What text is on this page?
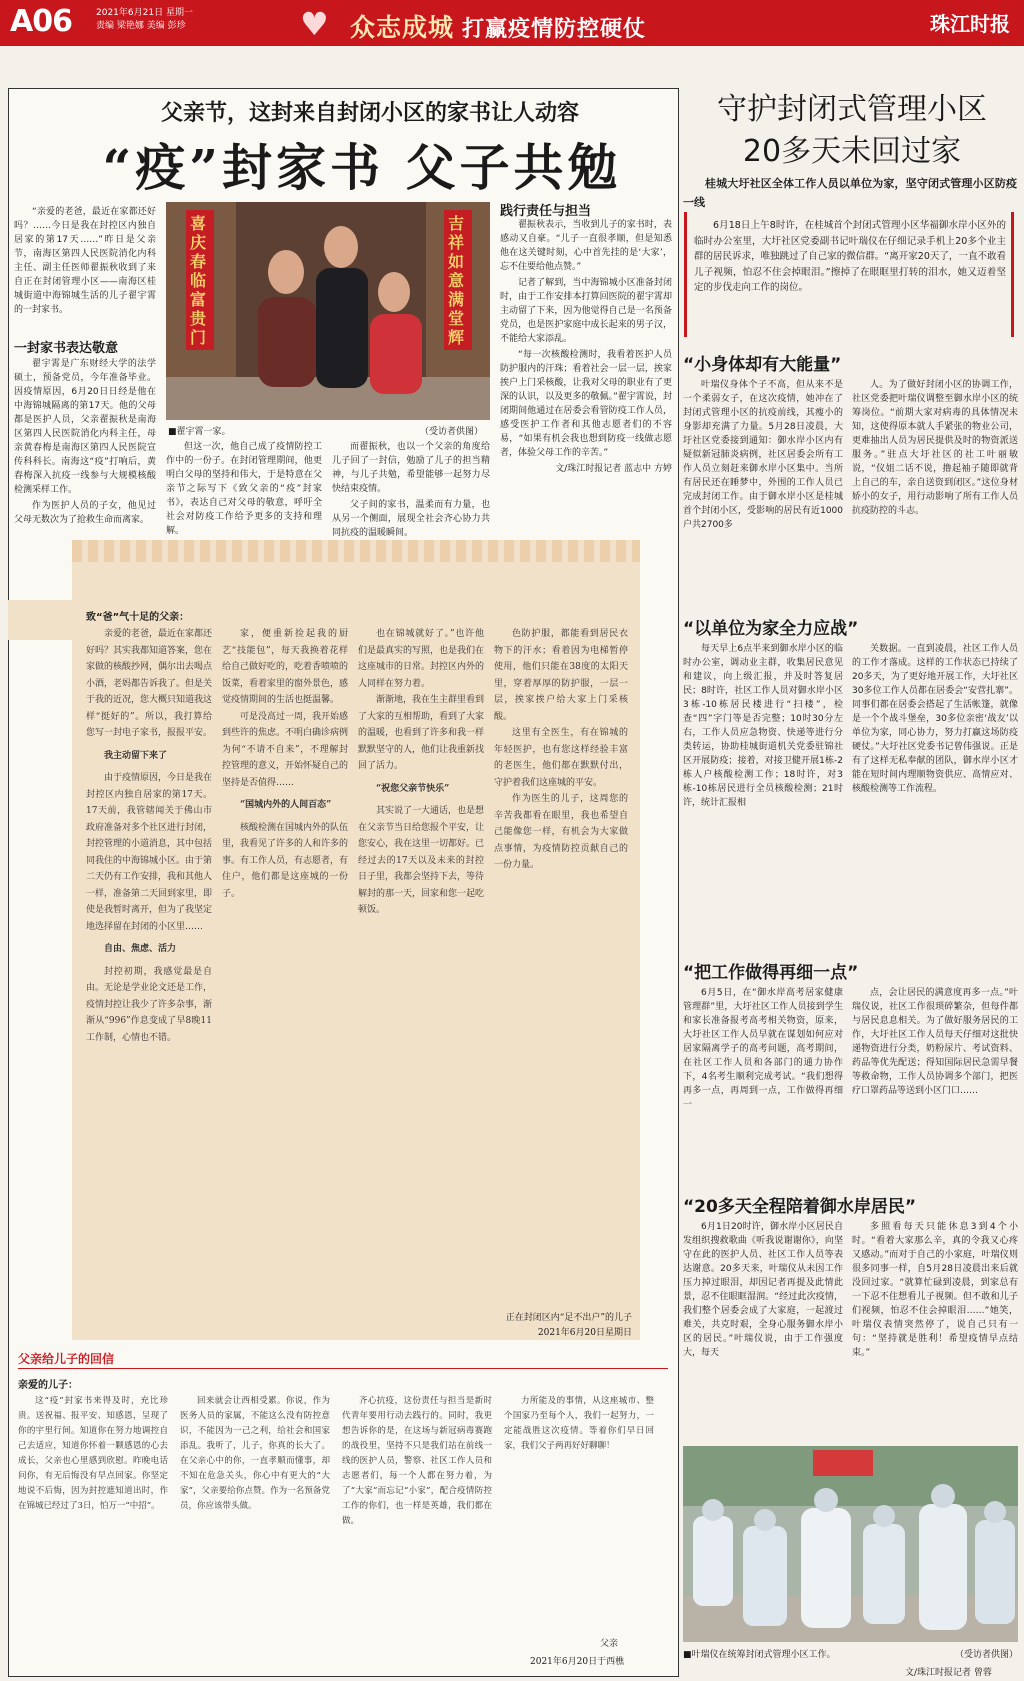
A06	2021年6月21日 星期一
责编 梁艳娜 美编 彭珍	♥ 众志成城 打赢疫情防控硬仗	珠江时报
父亲节，这封来自封闭小区的家书让人动容
“疫”封家书 父子共勉

“亲爱的老爸，最近在家都还好吗？……今日是我在封控区内独自居家的第17天……”昨日是父亲节，南海区第四人民医院消化内科主任、副主任医师翟振秋收到了来自正在封闭管理小区——南海区桂城街道中海锦城生活的儿子翟宇霄的一封家书。

一封家书表达敬意

翟宇霄是广东财经大学的法学硕士，预备党员，今年准备毕业。因疫情原因，6月20日日经是他在中海锦城隔离的第17天。他的父母都是医护人员，父亲翟振秋是南海区第四人民医院消化内科主任，母亲黄春梅是南海区第四人民医院宣传科科长。南海这“疫”打响后，黄春梅深入抗疫一线参与大规模核酸检测采样工作。

作为医护人员的子女，他见过父母无数次为了抢救生命而离家。

喜庆春临富贵门
吉祥如意满堂辉
■翟宇霄一家。	（受访者供图）

但这一次，他自己成了疫情防控工作中的一份子。在封闭管理期间，他更明白父母的坚持和伟大，于是特意在父亲节之际写下《致父亲的“疫”封家书》，表达自己对父母的敬意，呼吁全社会对防疫工作给予更多的支持和理解。

而翟振秋，也以一个父亲的角度给儿子回了一封信，勉励了儿子的担当精神，与儿子共勉，希望能够一起努力尽快结束疫情。

父子间的家书，温柔而有力量，也从另一个侧面，展现全社会齐心协力共同抗疫的温暖瞬间。

践行责任与担当

翟振秋表示，当收到儿子的家书时，表感动又自豪。“儿子一直很孝顺，但是知悉他在这关键时刻，心中首先挂的是‘大家’，忘不住要给他点赞。”

记者了解到，当中海锦城小区准备封闭时，由于工作安排本打算回医院的翟宇霄却主动留了下来，因为他觉得自己是一名预备党员，也是医护家庭中成长起来的男子汉，不能给大家添乱。

“每一次核酸检测时，我看着医护人员防护服内的汗珠；看着社会一层一层，挨家挨户上门采核酸，让我对父母的职业有了更深的认识，以及更多的敬佩。”翟宇霄说，封闭期间他通过在居委会看管防疫工作人员，感受医护工作者和其他志愿者们的不容易，“如果有机会我也想到防疫一线做志愿者，体验父母工作的辛苦。”

文/珠江时报记者 蓝志中 方婷

致“爸”气十足的父亲：

亲爱的老爸，最近在家都还好吗？其实我都知道答案，您在家做的核酸抄网，偶尔出去喝点小酒，老妈都告诉我了。但是关于我的近况，您大概只知道我这样“挺好的”。所以，我打算给您写一封电子家书，报报平安。

我主动留下来了

由于疫情原因，今日是我在封控区内独自居家的第17天。17天前，我管辖闻关于佛山市政府准备对多个社区进行封闭，封控管理的小道消息，其中包括同我住的中海锦城小区。由于第二天仍有工作安排，我和其他人一样，准备第二天回到家里，即使是我暂时离开，但为了我坚定地选择留在封闭的小区里……

自由、焦虑、活力

封控初期，我感觉最是自由。无论是学业论文还是工作，疫情封控让我少了许多杂事，渐渐从“996”作息变成了早8晚11工作制，心情也不错。

家，便重新捡起我的厨艺“技能包”，每天我换着花样给自己做好吃的，吃着香喷喷的饭菜，看着家里的窗外景色，感觉疫情期间的生活也挺温馨。

可是没高过一周，我开始感到些许的焦虑。不明白确诊病例为何“不请不自来”，不理解封控管理的意义，开始怀疑自己的坚持是否值得……

“国城内外的人间百态”

核酸检测在国城内外的队伍里，我看见了许多的人和许多的事。有工作人员，有志愿者，有住户，他们都是这座城的一份子。

也在锦城就好了。”也许他们是最真实的写照，也是我们在这座城市的日常。封控区内外的人同样在努力着。

渐渐地，我在生主群里看到了大家的互相帮助，看到了大家的温暖，也看到了许多和我一样默默坚守的人，他们让我重新找回了活力。

“祝您父亲节快乐”

其实说了一大通话，也是想在父亲节当日给您报个平安，让您安心，我在这里一切都好。已经过去的17天以及未来的封控日子里，我都会坚持下去，等待解封的那一天，回家和您一起吃顿饭。

色防护服，都能看到居民衣物下的汗水；看着因为电梯暂停使用，他们只能在38度的太阳天里，穿着厚厚的防护服，一层一层，挨家挨户给大家上门采核酸。

这里有全医生，有在锦城的年轻医护，也有您这样经验丰富的老医生，他们都在默默付出，守护着我们这座城的平安。

作为医生的儿子，这周您的辛苦我都看在眼里，我也希望自己能像您一样，有机会为大家做点事情，为疫情防控贡献自己的一份力量。

正在封闭区内“足不出户”的儿子
2021年6月20日星期日
父亲给儿子的回信
亲爱的儿子：

这“疫”封家书来得及时，充比珍贵。送祝福、报平安、知感恩，呈现了你的宇里行间。知道你在努力地调控自己去适应，知道你怀着一颗感恩的心去成长，父亲也心里感到欣慰。昨晚电话问你，有无后悔没有早点回家。你坚定地说不后悔，因为封控遮知道出时，作在锦城已经过了3日，怕万一“中招”。

回来就会让西相受累。你说，作为医务人员的家属，不能这么没有防控意识，不能因为一己之利，给社会和国家添乱。我听了，儿子，你真的长大了。在父亲心中的你，一直孝顺而懂事，却不知在危急关头，你心中有更大的“大家”，父亲要给你点赞。作为一名预备党员，你应该带头做。

齐心抗疫，这份责任与担当是新时代青年要用行动去践行的。同时，我更想告诉你的是，在这场与新冠病毒赛跑的战役里，坚持不只是我们站在前线一线的医护人员，警察、社区工作人员和志愿者们，每一个人都在努力着，为了“大家”而忘记“小家”，配合疫情防控工作的你们，也一样是英雄，我们都在做。

力所能及的事情，从这座城市、整个国家乃至每个人，我们一起努力，一定能战胜这次疫情。等着你们早日回家，我们父子两再好好聊聊！

父亲
2021年6月20日于西樵
守护封闭式管理小区
20多天未回过家

桂城大圩社区全体工作人员以单位为家，坚守闭式管理小区防疫一线

6月18日上午8时许，在桂城首个封闭式管理小区华福御水岸小区外的临时办公室里，大圩社区党委副书记叶瑞仪在仔细记录手机上20多个业主群的居民诉求，唯独跳过了自己家的微信群。“离开家20天了，一直不敢看儿子视频，怕忍不住会掉眼泪。”擦掉了在眼眶里打转的泪水，她又迈着坚定的步伐走向工作的岗位。

“小身体却有大能量”

叶瑞仪身体个子不高，但从来不是一个柔弱女子，在这次疫情，她冲在了封闭式管理小区的抗疫前线，其瘦小的身影却充满了力量。5月28日凌晨，大圩社区党委接到通知：御水岸小区内有疑似新冠肺炎病例，社区居委会所有工作人员立刻赶来御水岸小区集中。当所有居民还在睡梦中，外围的工作人员已完成封闭工作。由于御水岸小区是桂城首个封闭小区，受影响的居民有近1000户共2700多

人。为了做好封闭小区的协调工作，社区党委把叶瑞仪调整至御水岸小区的统筹岗位。“前期大家对病毒的具体情况未知，这使得原本就人手紧张的物业公司，更难抽出人员为居民提供及时的物资派送服务。”驻点大圩社区的社工叶丽敏说，“仪姐二话不说，撸起袖子随即就背上自己的车，亲自送资到闭区。”这位身材娇小的女子，用行动影响了所有工作人员抗疫防控的斗志。

“以单位为家全力应战”

每天早上6点半来到御水岸小区的临时办公室，调动业主群，收集居民意见和建议，向上级汇报，并及时答复居民；8时许，社区工作人员对御水岸小区3栋-10栋居民楼进行“扫楼”，检查“四”字门等是否完整；10时30分左右，工作人员应急物资、快递等进行分类转运，协助桂城街道机关党委驻锦社区开展防疫；接着，对接卫健开展1栋-2栋人户核酸检测工作；18时许，对3栋-10栋居民进行全员核酸检测；21时许，统计汇报相

关数据。一直到凌晨，社区工作人员的工作才落成。这样的工作状态已持续了20多天，为了更好地开展工作，大圩社区30多位工作人员都在居委会“安营扎寨”。同事们都在居委会搭起了生活帐篷，就像是一个个战斗堡垒，30多位亲密‘战友’以单位为家，同心协力，努力打赢这场防疫硬仗。”大圩社区党委书记曾伟强说。正是有了这样无私奉献的团队，御水岸小区才能在短时间内理顺物资供应、高情应对、核酸检测等工作流程。

“把工作做得再细一点”

6月5日，在“御水岸高考居家健康管理群”里，大圩社区工作人员接到学生和家长准备报考高考相关物资，原来，大圩社区工作人员早就在谋划如何应对居家隔离学子的高考问题，高考期间，在社区工作人员和各部门的通力协作下，4名考生顺利完成考试。“我们想得再多一点，再周到一点，工作做得再细一

点，会让居民的满意度再多一点。”叶瑞仪说，社区工作很琐碎繁杂，但每件都与居民息息相关。为了做好服务居民的工作，大圩社区工作人员每天仔细对这批快递物资进行分类，奶粉尿片、考试资料、药品等优先配送；得知国际居民急需早餐等救命物，工作人员协调多个部门，把医疗口罩药品等送到小区门口……

“20多天全程陪着御水岸居民”

6月1日20时许，御水岸小区居民自发组织搜救歌曲《听我说谢谢你》，向坚守在此的医护人员、社区工作人员等表达谢意。20多天来，叶瑞仪从未因工作压力掉过眼泪，却因记者再提及此情此景，忍不住眼眶湿润。“经过此次疫情，我们整个居委会成了大家庭，一起渡过难关，共克时艰，全身心服务御水岸小区的居民。”叶瑞仪说，由于工作强度大，每天

多照看每天只能休息3到4个小时。“看着大家那么辛，真的令我又心疼又感动。”而对于自己的小家庭，叶瑞仪则很多同事一样，自5月28日凌晨出来后就没回过家。“就算忙碌到凌晨，到家总有一下忍不住想看儿子视频。但不敢和儿子们视频，怕忍不住会掉眼泪……”她笑，叶瑞仪表情突然停了，说自己只有一句：“坚持就是胜利！希望疫情早点结束。”

■叶瑞仪在统筹封闭式管理小区工作。	（受访者供图）
文/珠江时报记者 曾蓉
